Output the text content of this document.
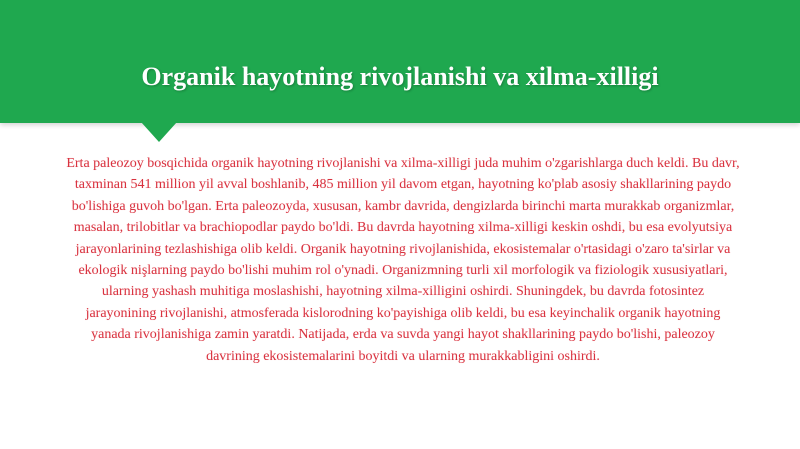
Organik hayotning rivojlanishi va xilma-xilligi

Erta paleozoy bosqichida organik hayotning rivojlanishi va xilma-xilligi juda muhim o'zgarishlarga duch keldi. Bu davr, taxminan 541 million yil avval boshlanib, 485 million yil davom etgan, hayotning ko'plab asosiy shakllarining paydo bo'lishiga guvoh bo'lgan. Erta paleozoyda, xususan, kambr davrida, dengizlarda birinchi marta murakkab organizmlar, masalan, trilobitlar va brachiopodlar paydo bo'ldi. Bu davrda hayotning xilma-xilligi keskin oshdi, bu esa evolyutsiya jarayonlarining tezlashishiga olib keldi. Organik hayotning rivojlanishida, ekosistemalar o'rtasidagi o'zaro ta'sirlar va ekologik nişlarning paydo bo'lishi muhim rol o'ynadi. Organizmning turli xil morfologik va fiziologik xususiyatlari, ularning yashash muhitiga moslashishi, hayotning xilma-xilligini oshirdi. Shuningdek, bu davrda fotosintez jarayonining rivojlanishi, atmosferada kislorodning ko'payishiga olib keldi, bu esa keyinchalik organik hayotning yanada rivojlanishiga zamin yaratdi. Natijada, erda va suvda yangi hayot shakllarining paydo bo'lishi, paleozoy davrining ekosistemalarini boyitdi va ularning murakkabligini oshirdi.
